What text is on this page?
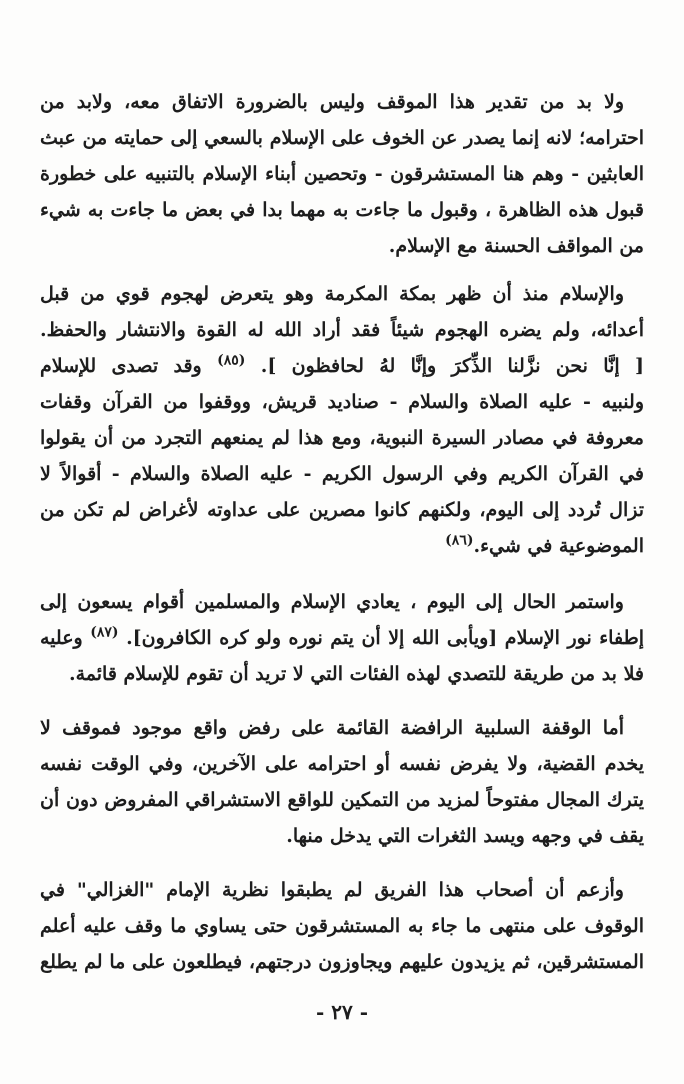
ولا بد من تقدير هذا الموقف وليس بالضرورة الاتفاق معه، ولابد من
احترامه؛ لانه إنما يصدر عن الخوف على الإسلام بالسعي إلى حمايته من عبث
العابثين - وهم هنا المستشرقون - وتحصين أبناء الإسلام بالتنبيه على خطورة
قبول هذه الظاهرة ، وقبول ما جاءت به مهما بدا في بعض ما جاءت به شيء
من المواقف الحسنة مع الإسلام.
والإسلام منذ أن ظهر بمكة المكرمة وهو يتعرض لهجوم قوي من قبل
أعدائه، ولم يضره الهجوم شيئاً فقد أراد الله له القوة والانتشار والحفظ.
[ إنَّا نحن نزَّلنا الذِّكرَ وإنَّا لهُ لحافظون ]. $^{(٨٥)}$ وقد تصدى للإسلام
ولنبيه - عليه الصلاة والسلام - صناديد قريش، ووقفوا من القرآن وقفات
معروفة في مصادر السيرة النبوية، ومع هذا لم يمنعهم التجرد من أن يقولوا
في القرآن الكريم وفي الرسول الكريم - عليه الصلاة والسلام - أقوالاً لا
تزال تُردد إلى اليوم، ولكنهم كانوا مصرين على عداوته لأغراض لم تكن من
الموضوعية في شيء.$^{(٨٦)}$
واستمر الحال إلى اليوم ، يعادي الإسلام والمسلمين أقوام يسعون إلى
إطفاء نور الإسلام [ويأبى الله إلا أن يتم نوره ولو كره الكافرون]. $^{(٨٧)}$ وعليه
فلا بد من طريقة للتصدي لهذه الفئات التي لا تريد أن تقوم للإسلام قائمة.
أما الوقفة السلبية الرافضة القائمة على رفض واقع موجود فموقف لا
يخدم القضية، ولا يفرض نفسه أو احترامه على الآخرين، وفي الوقت نفسه
يترك المجال مفتوحاً لمزيد من التمكين للواقع الاستشراقي المفروض دون أن
يقف في وجهه ويسد الثغرات التي يدخل منها.
وأزعم أن أصحاب هذا الفريق لم يطبقوا نظرية الإمام "الغزالي" في
الوقوف على منتهى ما جاء به المستشرقون حتى يساوي ما وقف عليه أعلم
المستشرقين، ثم يزيدون عليهم ويجاوزون درجتهم، فيطلعون على ما لم يطلع
- ٢٧ -
